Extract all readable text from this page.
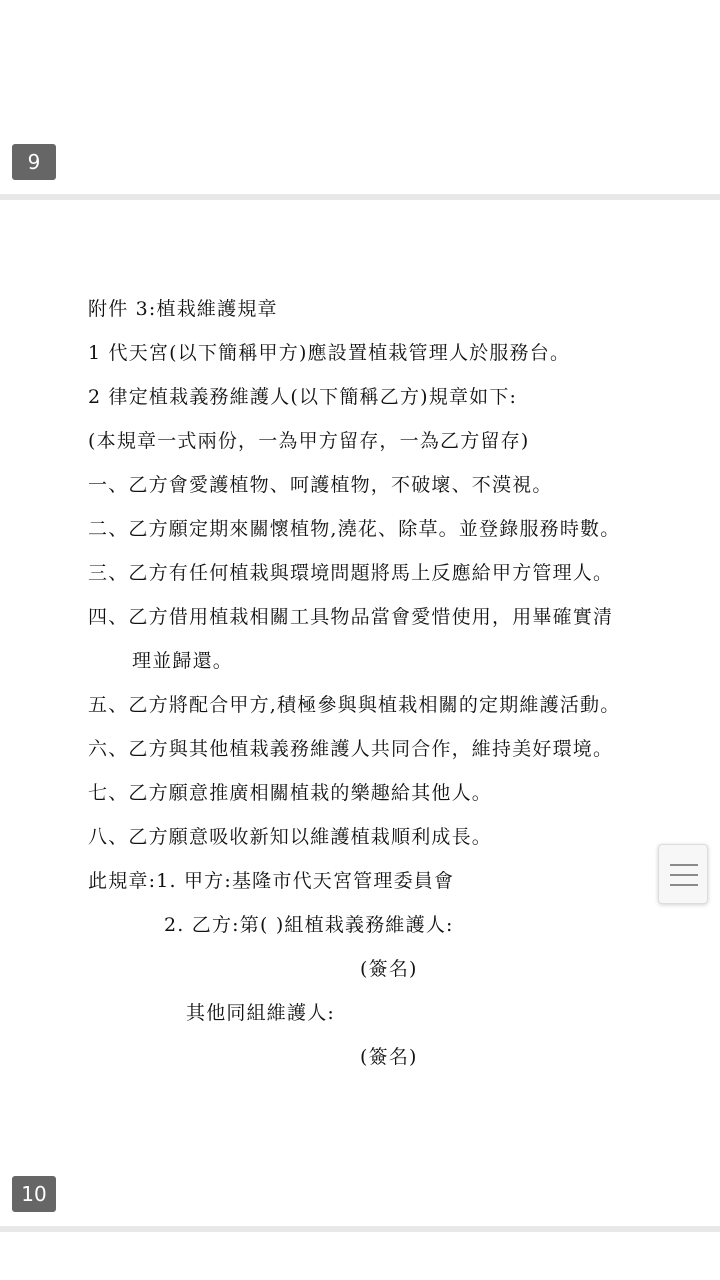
9
附件 3:植栽維護規章
1 代天宮(以下簡稱甲方)應設置植栽管理人於服務台。
2 律定植栽義務維護人(以下簡稱乙方)規章如下:
(本規章一式兩份，一為甲方留存，一為乙方留存)
一、乙方會愛護植物、呵護植物，不破壞、不漠視。
二、乙方願定期來關懷植物,澆花、除草。並登錄服務時數。
三、乙方有任何植栽與環境問題將馬上反應給甲方管理人。
四、乙方借用植栽相關工具物品當會愛惜使用，用畢確實清
理並歸還。
五、乙方將配合甲方,積極參與與植栽相關的定期維護活動。
六、乙方與其他植栽義務維護人共同合作，維持美好環境。
七、乙方願意推廣相關植栽的樂趣給其他人。
八、乙方願意吸收新知以維護植栽順利成長。
此規章:1. 甲方:基隆市代天宮管理委員會
2. 乙方:第( )組植栽義務維護人:
(簽名)
其他同組維護人:
(簽名)
10
